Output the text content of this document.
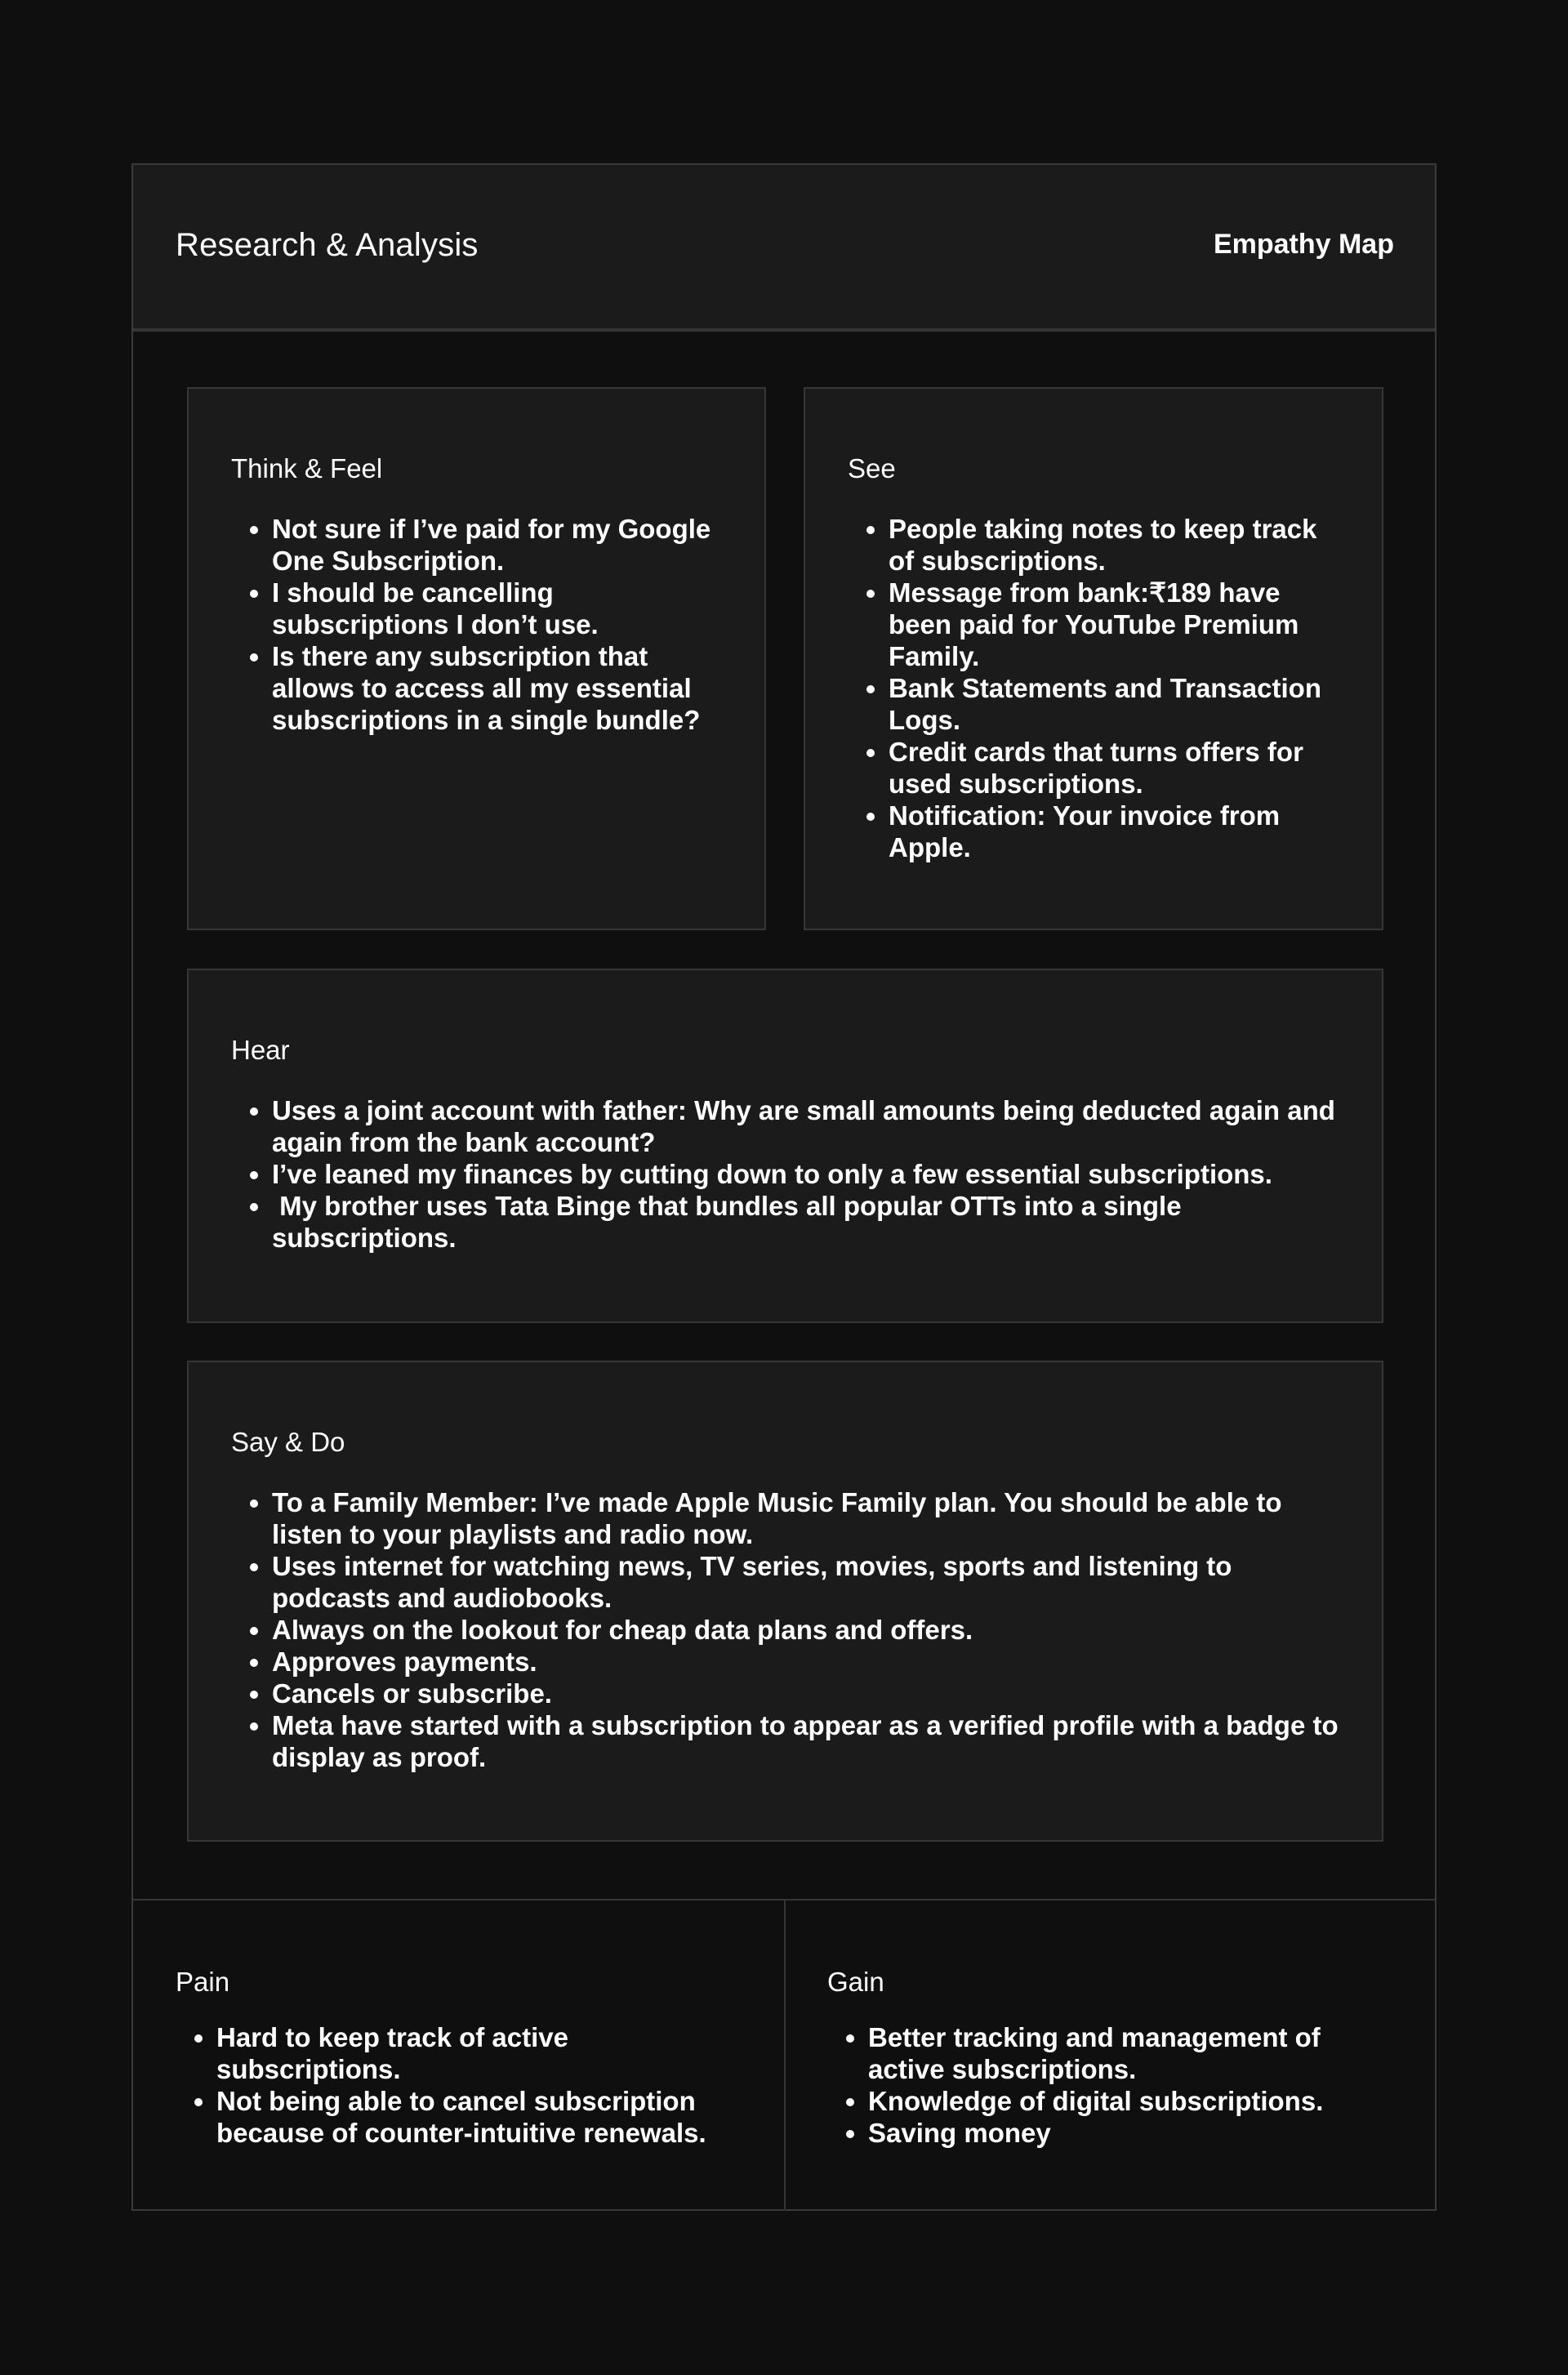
Research & Analysis	Empathy Map
Think & Feel
• Not sure if I’ve paid for my Google One Subscription.
• I should be cancelling subscriptions I don’t use.
• Is there any subscription that allows to access all my essential subscriptions in a single bundle?
See
• People taking notes to keep track of subscriptions.
• Message from bank:₹189 have been paid for YouTube Premium Family.
• Bank Statements and Transaction Logs.
• Credit cards that turns offers for used subscriptions.
• Notification: Your invoice from Apple.
Hear
• Uses a joint account with father: Why are small amounts being deducted again and again from the bank account?
• I’ve leaned my finances by cutting down to only a few essential subscriptions.
•  My brother uses Tata Binge that bundles all popular OTTs into a single subscriptions.
Say & Do
• To a Family Member: I’ve made Apple Music Family plan. You should be able to listen to your playlists and radio now.
• Uses internet for watching news, TV series, movies, sports and listening to podcasts and audiobooks.
• Always on the lookout for cheap data plans and offers.
• Approves payments.
• Cancels or subscribe.
• Meta have started with a subscription to appear as a verified profile with a badge to display as proof.
Pain
• Hard to keep track of active subscriptions.
• Not being able to cancel subscription because of counter-intuitive renewals.
Gain
• Better tracking and management of active subscriptions.
• Knowledge of digital subscriptions.
• Saving money
